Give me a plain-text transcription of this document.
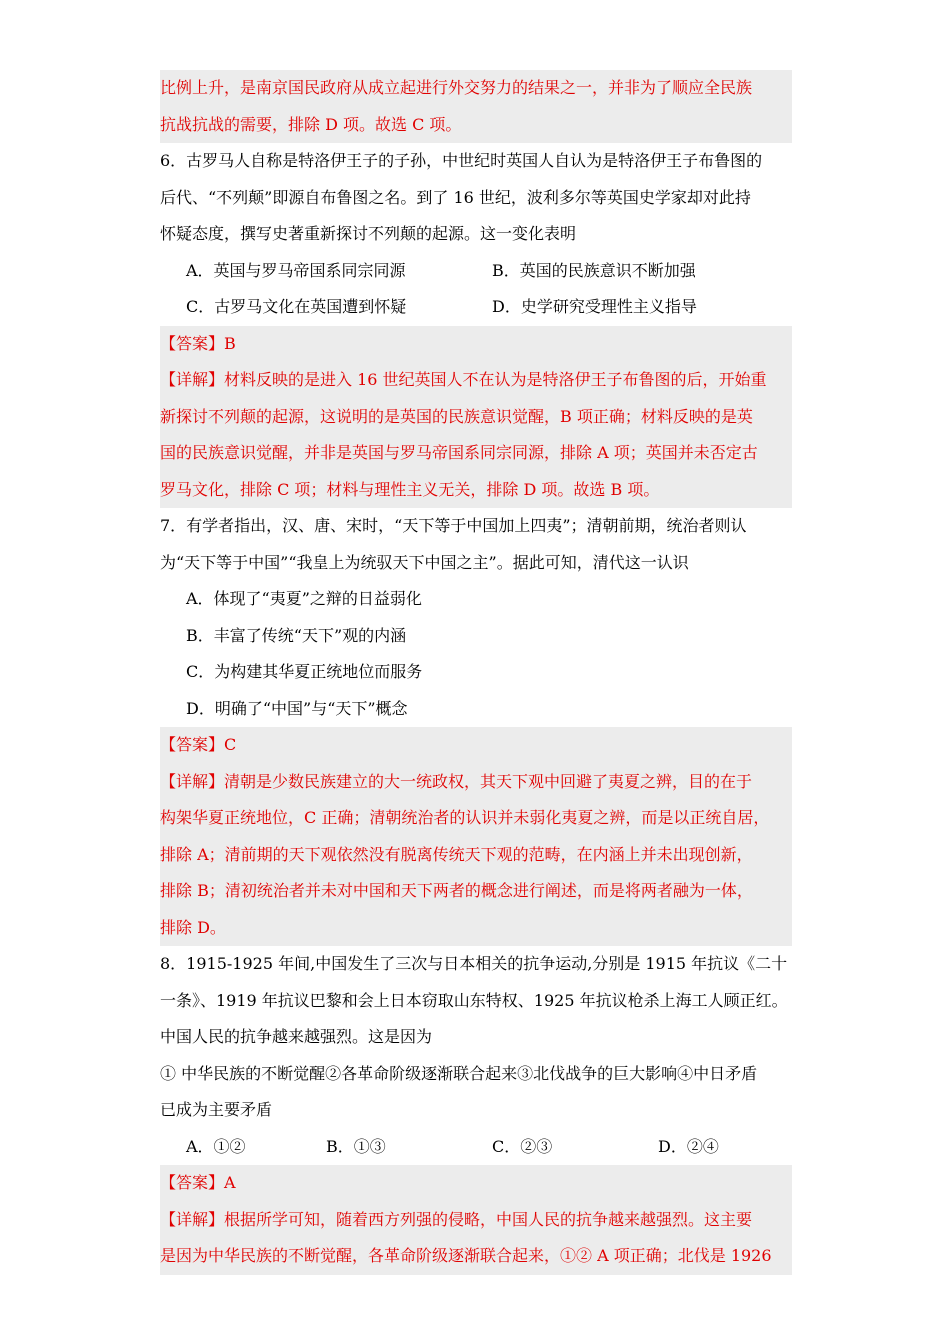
比例上升，是南京国民政府从成立起进行外交努力的结果之一，并非为了顺应全民族
抗战抗战的需要，排除 D 项。故选 C 项。
6．古罗马人自称是特洛伊王子的子孙，中世纪时英国人自认为是特洛伊王子布鲁图的
后代、“不列颠”即源自布鲁图之名。到了 16 世纪，波利多尔等英国史学家却对此持
怀疑态度，撰写史著重新探讨不列颠的起源。这一变化表明
A．英国与罗马帝国系同宗同源	B．英国的民族意识不断加强
C．古罗马文化在英国遭到怀疑	D．史学研究受理性主义指导
【答案】B
【详解】材料反映的是进入 16 世纪英国人不在认为是特洛伊王子布鲁图的后，开始重
新探讨不列颠的起源，这说明的是英国的民族意识觉醒，B 项正确；材料反映的是英
国的民族意识觉醒，并非是英国与罗马帝国系同宗同源，排除 A 项；英国并未否定古
罗马文化，排除 C 项；材料与理性主义无关，排除 D 项。故选 B 项。
7．有学者指出，汉、唐、宋时，“天下等于中国加上四夷”；清朝前期，统治者则认
为“天下等于中国”“我皇上为统驭天下中国之主”。据此可知，清代这一认识
A．体现了“夷夏”之辩的日益弱化
B．丰富了传统“天下”观的内涵
C．为构建其华夏正统地位而服务
D．明确了“中国”与“天下”概念
【答案】C
【详解】清朝是少数民族建立的大一统政权，其天下观中回避了夷夏之辨，目的在于
构架华夏正统地位，C 正确；清朝统治者的认识并未弱化夷夏之辨，而是以正统自居，
排除 A；清前期的天下观依然没有脱离传统天下观的范畴，在内涵上并未出现创新，
排除 B；清初统治者并未对中国和天下两者的概念进行阐述，而是将两者融为一体，
排除 D。
8．1915-1925 年间,中国发生了三次与日本相关的抗争运动,分别是 1915 年抗议《二十
一条》、1919 年抗议巴黎和会上日本窃取山东特权、1925 年抗议枪杀上海工人顾正红。
中国人民的抗争越来越强烈。这是因为
① 中华民族的不断觉醒②各革命阶级逐渐联合起来③北伐战争的巨大影响④中日矛盾
已成为主要矛盾
A．①②	B．①③	C．②③	D．②④
【答案】A
【详解】根据所学可知，随着西方列强的侵略，中国人民的抗争越来越强烈。这主要
是因为中华民族的不断觉醒，各革命阶级逐渐联合起来，①② A 项正确；北伐是 1926
